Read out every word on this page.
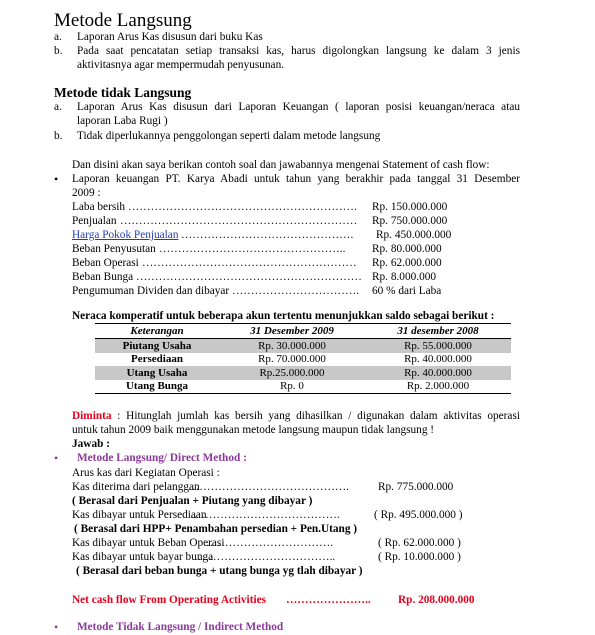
Metode Langsung
a. Laporan Arus Kas disusun dari buku Kas
b. Pada saat pencatatan setiap transaksi kas, harus digolongkan langsung ke dalam 3 jenis
aktivitasnya agar mempermudah penyusunan.
Metode tidak Langsung
a. Laporan Arus Kas disusun dari Laporan Keuangan ( laporan posisi keuangan/neraca atau
laporan Laba Rugi )
b. Tidak diperlukannya penggolongan seperti dalam metode langsung
Dan disini akan saya berikan contoh soal dan jawabannya mengenai Statement of cash flow:
• Laporan keuangan PT. Karya Abadi untuk tahun yang berakhir pada tanggal 31 Desember
2009 :
Laba bersih …………………………………………………….	Rp. 150.000.000
Penjualan ………………………………………………………	Rp. 750.000.000
Harga Pokok Penjualan ……………………………………….	Rp. 450.000.000
Beban Penyusutan …………………………………………..	Rp. 80.000.000
Beban Operasi …………………………………………………	Rp. 62.000.000
Beban Bunga …………………………………………………… Rp. 8.000.000
Pengumuman Dividen dan dibayar …………………………….	60 % dari Laba
Neraca komperatif untuk beberapa akun tertentu menunjukkan saldo sebagai berikut :
Keterangan	31 Desember 2009	31 desember 2008
Piutang Usaha	Rp. 30.000.000	Rp. 55.000.000
Persediaan	Rp. 70.000.000	Rp. 40.000.000
Utang Usaha	Rp.25.000.000	Rp. 40.000.000
Utang Bunga	Rp. 0	Rp. 2.000.000
Diminta : Hitunglah jumlah kas bersih yang dihasilkan / digunakan dalam aktivitas operasi
untuk tahun 2009 baik menggunakan metode langsung maupun tidak langsung !
Jawab :
• Metode Langsung/ Direct Method :
Arus kas dari Kegiatan Operasi :
Kas diterima dari pelanggan
…………………………………….	Rp. 775.000.000
( Berasal dari Penjualan + Piutang yang dibayar )
Kas dibayar untuk Persediaan
………………………………….	( Rp. 495.000.000 )
( Berasal dari HPP+ Penambahan persedian + Pen.Utang )
Kas dibayar untuk Beban Operasi
…………………………….	( Rp. 62.000.000 )
Kas dibayar untuk bayar bunga
………………………………..	( Rp. 10.000.000 )
( Berasal dari beban bunga + utang bunga yg tlah dibayar )
Net cash flow From Operating Activities ………………….. Rp. 208.000.000
• Metode Tidak Langsung / Indirect Method
